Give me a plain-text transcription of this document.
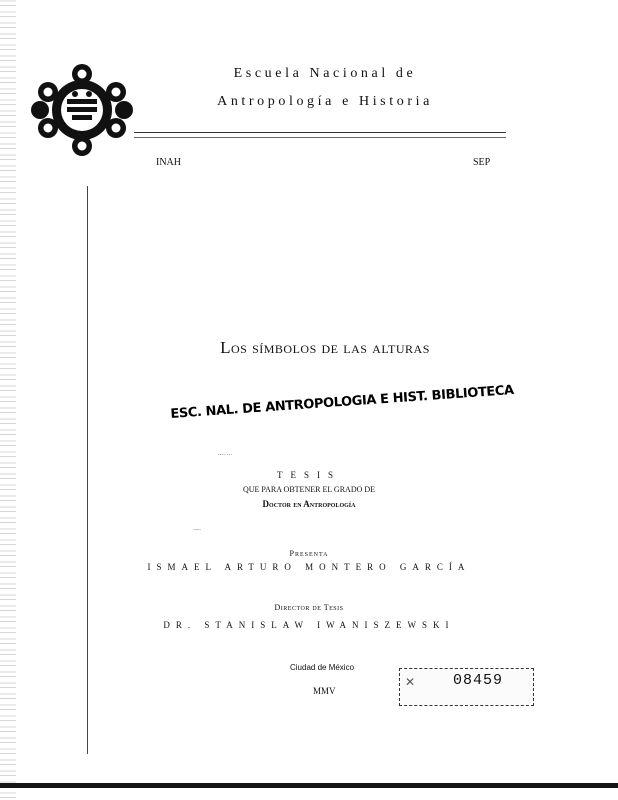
Escuela Nacional de
Antropología e Historia
INAH	SEP
Los símbolos de las alturas
ESC. NAL. DE ANTROPOLOGIA E HIST. BIBLIOTECA
.... ...
TESIS
QUE PARA OBTENER EL GRADO DE
Doctor en Antropología
....
Presenta
ISMAEL ARTURO MONTERO GARCÍA
Director de Tesis
DR. STANISLAW IWANISZEWSKI
Ciudad de México
MMV
✕	08459
